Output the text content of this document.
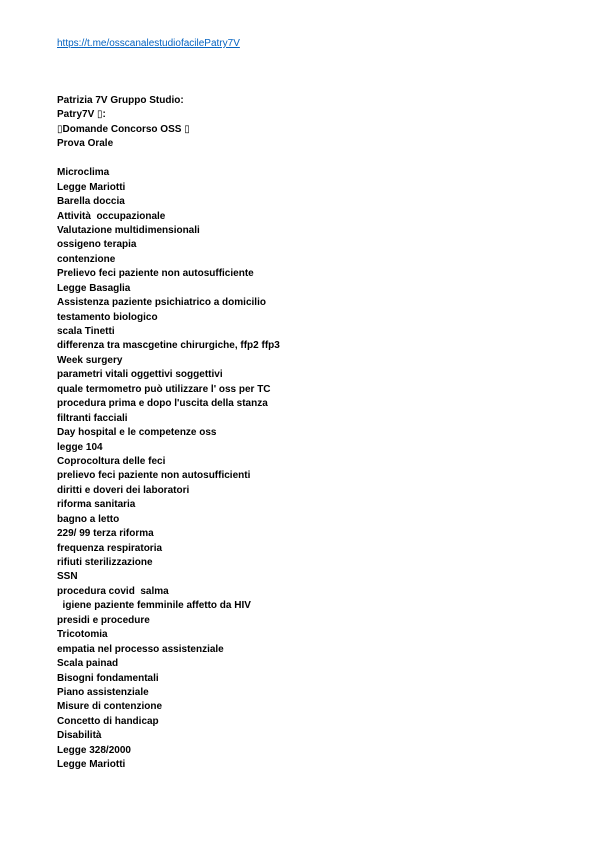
https://t.me/osscanalestudiofacilePatry7V
Patrizia 7V Gruppo Studio:
Patry7V ▯:
▯Domande Concorso OSS ▯
Prova Orale
Microclima
Legge Mariotti
Barella doccia
Attività  occupazionale
Valutazione multidimensionali
ossigeno terapia
contenzione
Prelievo feci paziente non autosufficiente
Legge Basaglia
Assistenza paziente psichiatrico a domicilio
testamento biologico
scala Tinetti
differenza tra mascgetine chirurgiche, ffp2 ffp3
Week surgery
parametri vitali oggettivi soggettivi
quale termometro può utilizzare l' oss per TC
procedura prima e dopo l'uscita della stanza
filtranti facciali
Day hospital e le competenze oss
legge 104
Coprocoltura delle feci
prelievo feci paziente non autosufficienti
diritti e doveri dei laboratori
riforma sanitaria
bagno a letto
229/ 99 terza riforma
frequenza respiratoria
rifiuti sterilizzazione
SSN
procedura covid  salma
igiene paziente femminile affetto da HIV
presidi e procedure
Tricotomia
empatia nel processo assistenziale
Scala painad
Bisogni fondamentali
Piano assistenziale
Misure di contenzione
Concetto di handicap
Disabilità
Legge 328/2000
Legge Mariotti
